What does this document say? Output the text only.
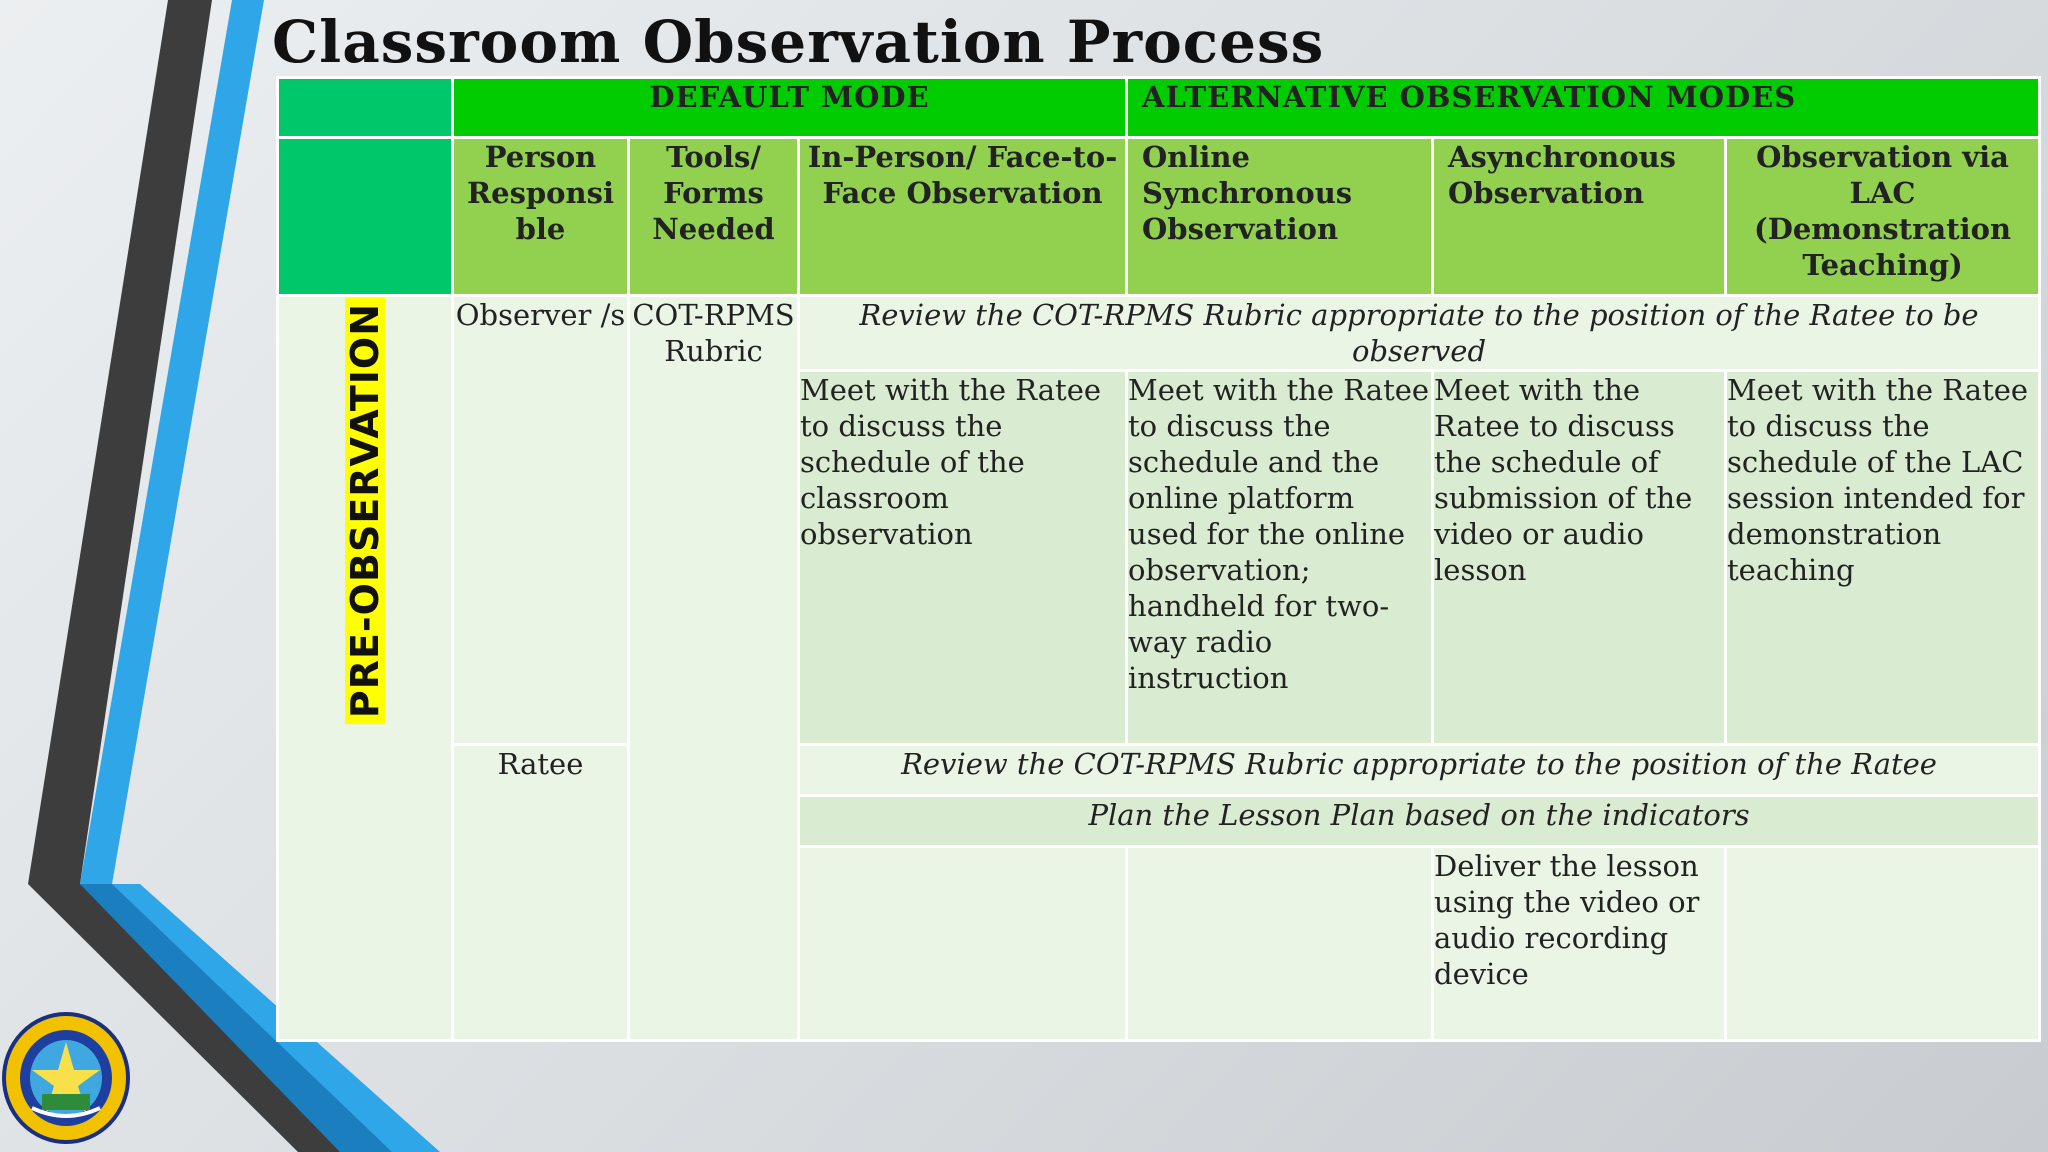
Classroom Observation Process
	DEFAULT MODE			ALTERNATIVE OBSERVATION MODES		
	Person Responsi ble	Tools/ Forms Needed	In-Person/ Face-to-Face Observation	Online Synchronous Observation	Asynchronous Observation	Observation via LAC (Demonstration Teaching)
PRE-OBSERVATION	Observer /s	COT-RPMS Rubric	Review the COT-RPMS Rubric appropriate to the position of the Ratee to be observed			
			Meet with the Ratee to discuss the schedule of the classroom observation	Meet with the Ratee to discuss the schedule and the online platform used for the online observation; handheld for two-way radio instruction	Meet with the Ratee to discuss the schedule of submission of the video or audio lesson	Meet with the Ratee to discuss the schedule of the LAC session intended for demonstration teaching
	Ratee		Review the COT-RPMS Rubric appropriate to the position of the Ratee			
			Plan the Lesson Plan based on the indicators			
					Deliver the lesson using the video or audio recording device	
